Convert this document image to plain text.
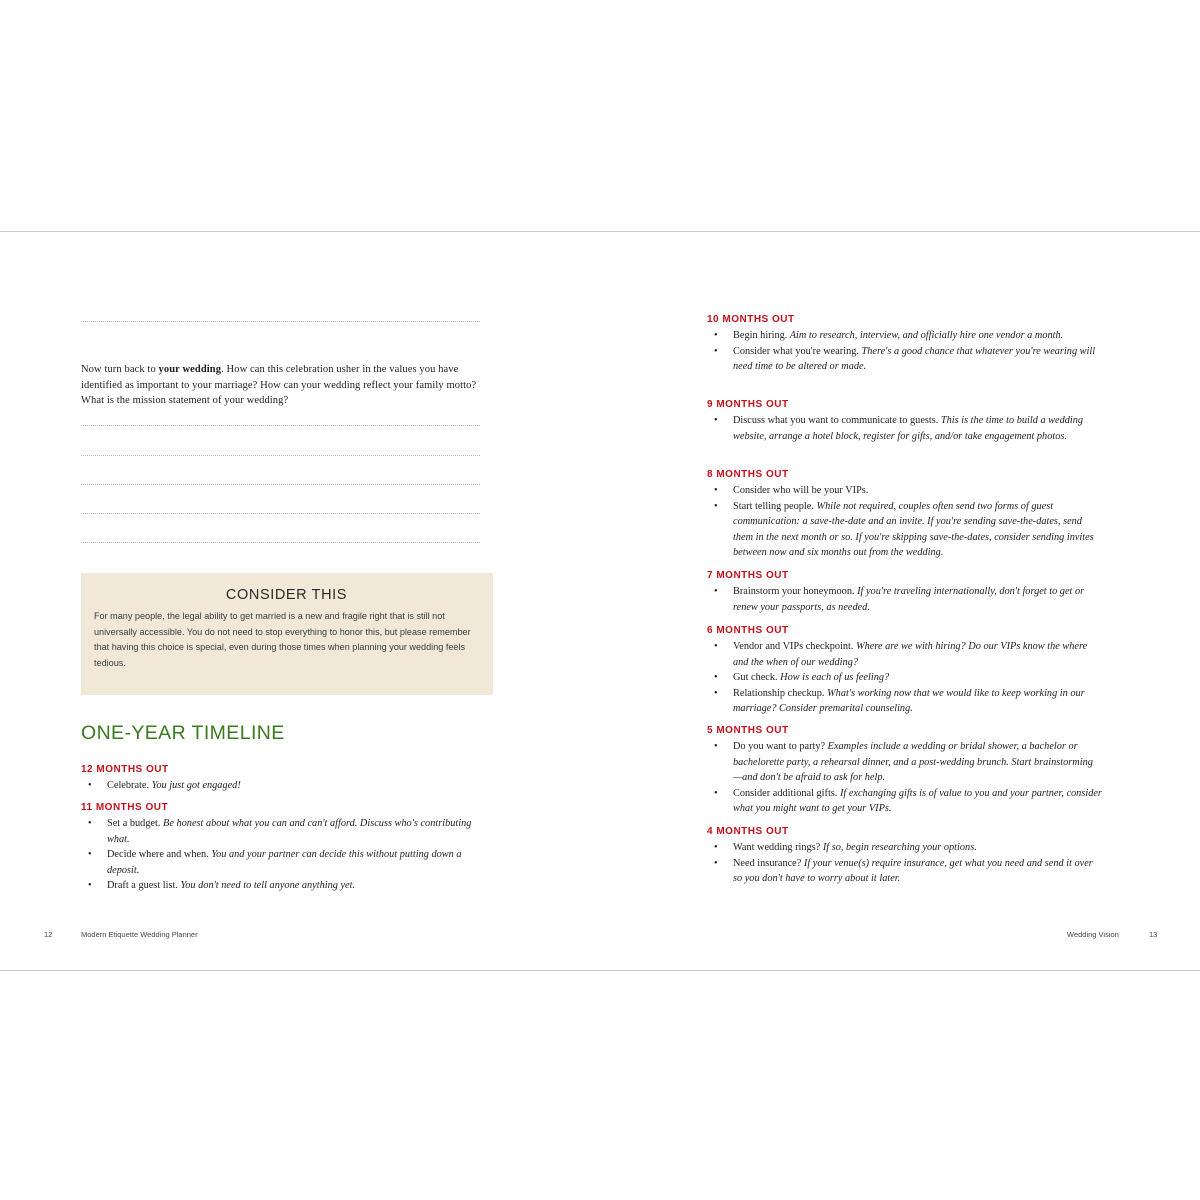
Now turn back to your wedding. How can this celebration usher in the values you have identified as important to your marriage? How can your wedding reflect your family motto? What is the mission statement of your wedding?

CONSIDER THIS

For many people, the legal ability to get married is a new and fragile right that is still not universally accessible. You do not need to stop everything to honor this, but please remember that having this choice is special, even during those times when planning your wedding feels tedious.

ONE-YEAR TIMELINE

12 MONTHS OUT

• Celebrate. You just got engaged!

11 MONTHS OUT

• Set a budget. Be honest about what you can and can't afford. Discuss who's contributing what.
• Decide where and when. You and your partner can decide this without putting down a deposit.
• Draft a guest list. You don't need to tell anyone anything yet.

12	Modern Etiquette Wedding Planner

10 MONTHS OUT

• Begin hiring. Aim to research, interview, and officially hire one vendor a month.
• Consider what you're wearing. There's a good chance that whatever you're wearing will need time to be altered or made.

9 MONTHS OUT

• Discuss what you want to communicate to guests. This is the time to build a wedding website, arrange a hotel block, register for gifts, and/or take engagement photos.

8 MONTHS OUT

• Consider who will be your VIPs.
• Start telling people. While not required, couples often send two forms of guest communication: a save-the-date and an invite. If you're sending save-the-dates, send them in the next month or so. If you're skipping save-the-dates, consider sending invites between now and six months out from the wedding.

7 MONTHS OUT

• Brainstorm your honeymoon. If you're traveling internationally, don't forget to get or renew your passports, as needed.

6 MONTHS OUT

• Vendor and VIPs checkpoint. Where are we with hiring? Do our VIPs know the where and the when of our wedding?
• Gut check. How is each of us feeling?
• Relationship checkup. What's working now that we would like to keep working in our marriage? Consider premarital counseling.

5 MONTHS OUT

• Do you want to party? Examples include a wedding or bridal shower, a bachelor or bachelorette party, a rehearsal dinner, and a post-wedding brunch. Start brainstorming—and don't be afraid to ask for help.
• Consider additional gifts. If exchanging gifts is of value to you and your partner, consider what you might want to get your VIPs.

4 MONTHS OUT

• Want wedding rings? If so, begin researching your options.
• Need insurance? If your venue(s) require insurance, get what you need and send it over so you don't have to worry about it later.

Wedding Vision	13
